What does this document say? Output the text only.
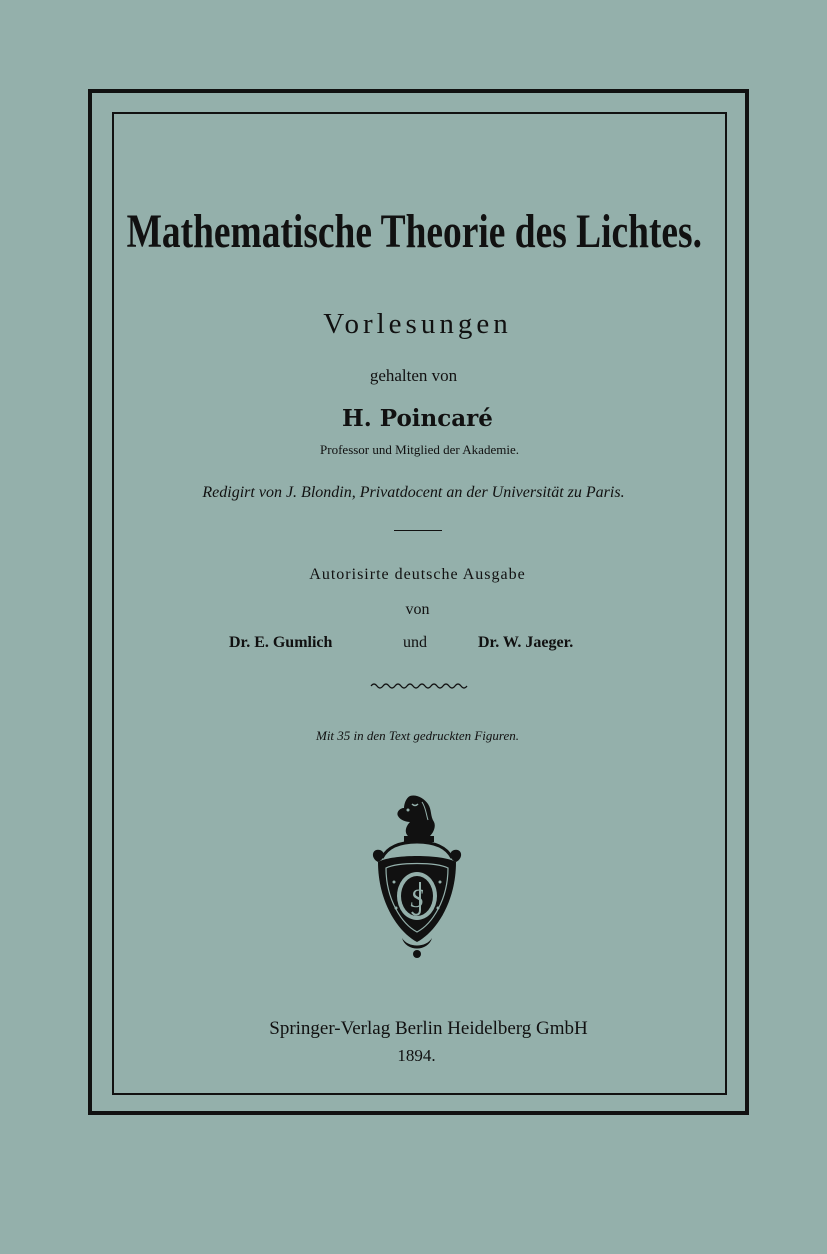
Mathematische Theorie des Lichtes.
Vorlesungen
gehalten von
H. Poincaré
Professor und Mitglied der Akademie.
Redigirt von J. Blondin, Privatdocent an der Universität zu Paris.
Autorisirte deutsche Ausgabe
von
Dr. E. Gumlich	und	Dr. W. Jaeger.
Mit 35 in den Text gedruckten Figuren.
S
Springer-Verlag Berlin Heidelberg GmbH
1894.
